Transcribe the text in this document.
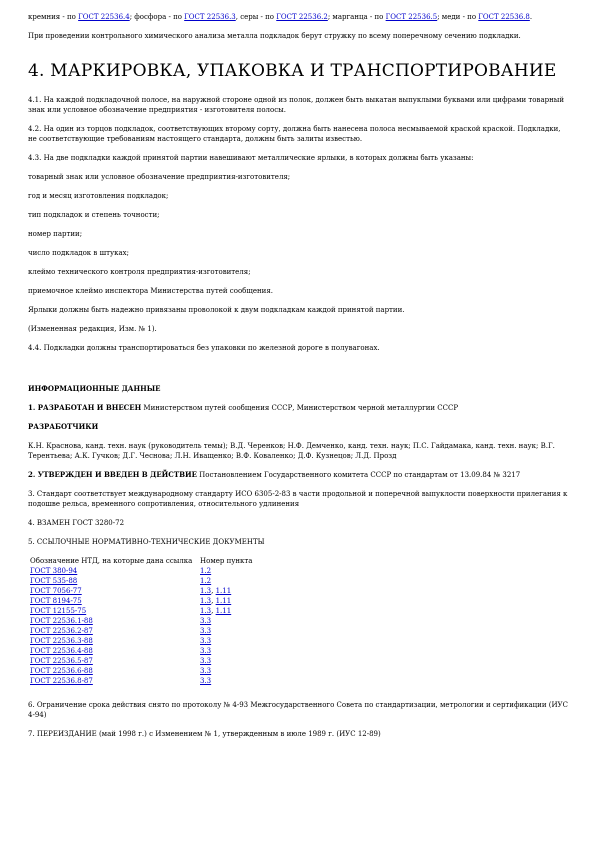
кремния - по ГОСТ 22536.4; фосфора - по ГОСТ 22536.3, серы - по ГОСТ 22536.2; марганца - по ГОСТ 22536.5; меди - по ГОСТ 22536.8.

При проведении контрольного химического анализа металла подкладок берут стружку по всему поперечному сечению подкладки.

4. МАРКИРОВКА, УПАКОВКА И ТРАНСПОРТИРОВАНИЕ

4.1. На каждой подкладочной полосе, на наружной стороне одной из полок, должен быть выкатан выпуклыми буквами или цифрами товарный знак или условное обозначение предприятия - изготовителя полосы.

4.2. На один из торцов подкладок, соответствующих второму сорту, должна быть нанесена полоса несмываемой краской краской. Подкладки, не соответствующие требованиям настоящего стандарта, должны быть залиты известью.

4.3. На две подкладки каждой принятой партии навешивают металлические ярлыки, в которых должны быть указаны:

товарный знак или условное обозначение предприятия-изготовителя;

год и месяц изготовления подкладок;

тип подкладок и степень точности;

номер партии;

число подкладок в штуках;

клеймо технического контроля предприятия-изготовителя;

приемочное клеймо инспектора Министерства путей сообщения.

Ярлыки должны быть надежно привязаны проволокой к двум подкладкам каждой принятой партии.

(Измененная редакция, Изм. № 1).

4.4. Подкладки должны транспортироваться без упаковки по железной дороге в полувагонах.

ИНФОРМАЦИОННЫЕ ДАННЫЕ

1. РАЗРАБОТАН И ВНЕСЕН Министерством путей сообщения СССР, Министерством черной металлургии СССР

РАЗРАБОТЧИКИ

К.Н. Краснова, канд. техн. наук (руководитель темы); В.Д. Черенков; Н.Ф. Демченко, канд. техн. наук; П.С. Гайдамака, канд. техн. наук; В.Г. Терентьева; А.К. Гучков; Д.Г. Чеснова; Л.Н. Иващенко; В.Ф. Коваленко; Д.Ф. Кузнецов; Л.Д. Прозд

2. УТВЕРЖДЕН И ВВЕДЕН В ДЕЙСТВИЕ Постановлением Государственного комитета СССР по стандартам от 13.09.84 № 3217

3. Стандарт соответствует международному стандарту ИСО 6305-2-83 в части продольной и поперечной выпуклости поверхности прилегания к подошве рельса, временного сопротивления, относительного удлинения

4. ВЗАМЕН ГОСТ 3280-72

5. ССЫЛОЧНЫЕ НОРМАТИВНО-ТЕХНИЧЕСКИЕ ДОКУМЕНТЫ

Обозначение НТД, на которые дана ссылка	Номер пункта
ГОСТ 380-94	1.2
ГОСТ 535-88	1.2
ГОСТ 7056-77	1.3, 1.11
ГОСТ 8194-75	1.3, 1.11
ГОСТ 12155-75	1.3, 1.11
ГОСТ 22536.1-88	3.3
ГОСТ 22536.2-87	3.3
ГОСТ 22536.3-88	3.3
ГОСТ 22536.4-88	3.3
ГОСТ 22536.5-87	3.3
ГОСТ 22536.6-88	3.3
ГОСТ 22536.8-87	3.3

6. Ограничение срока действия снято по протоколу № 4-93 Межгосударственного Совета по стандартизации, метрологии и сертификации (ИУС 4-94)

7. ПЕРЕИЗДАНИЕ (май 1998 г.) с Изменением № 1, утвержденным в июле 1989 г. (ИУС 12-89)
